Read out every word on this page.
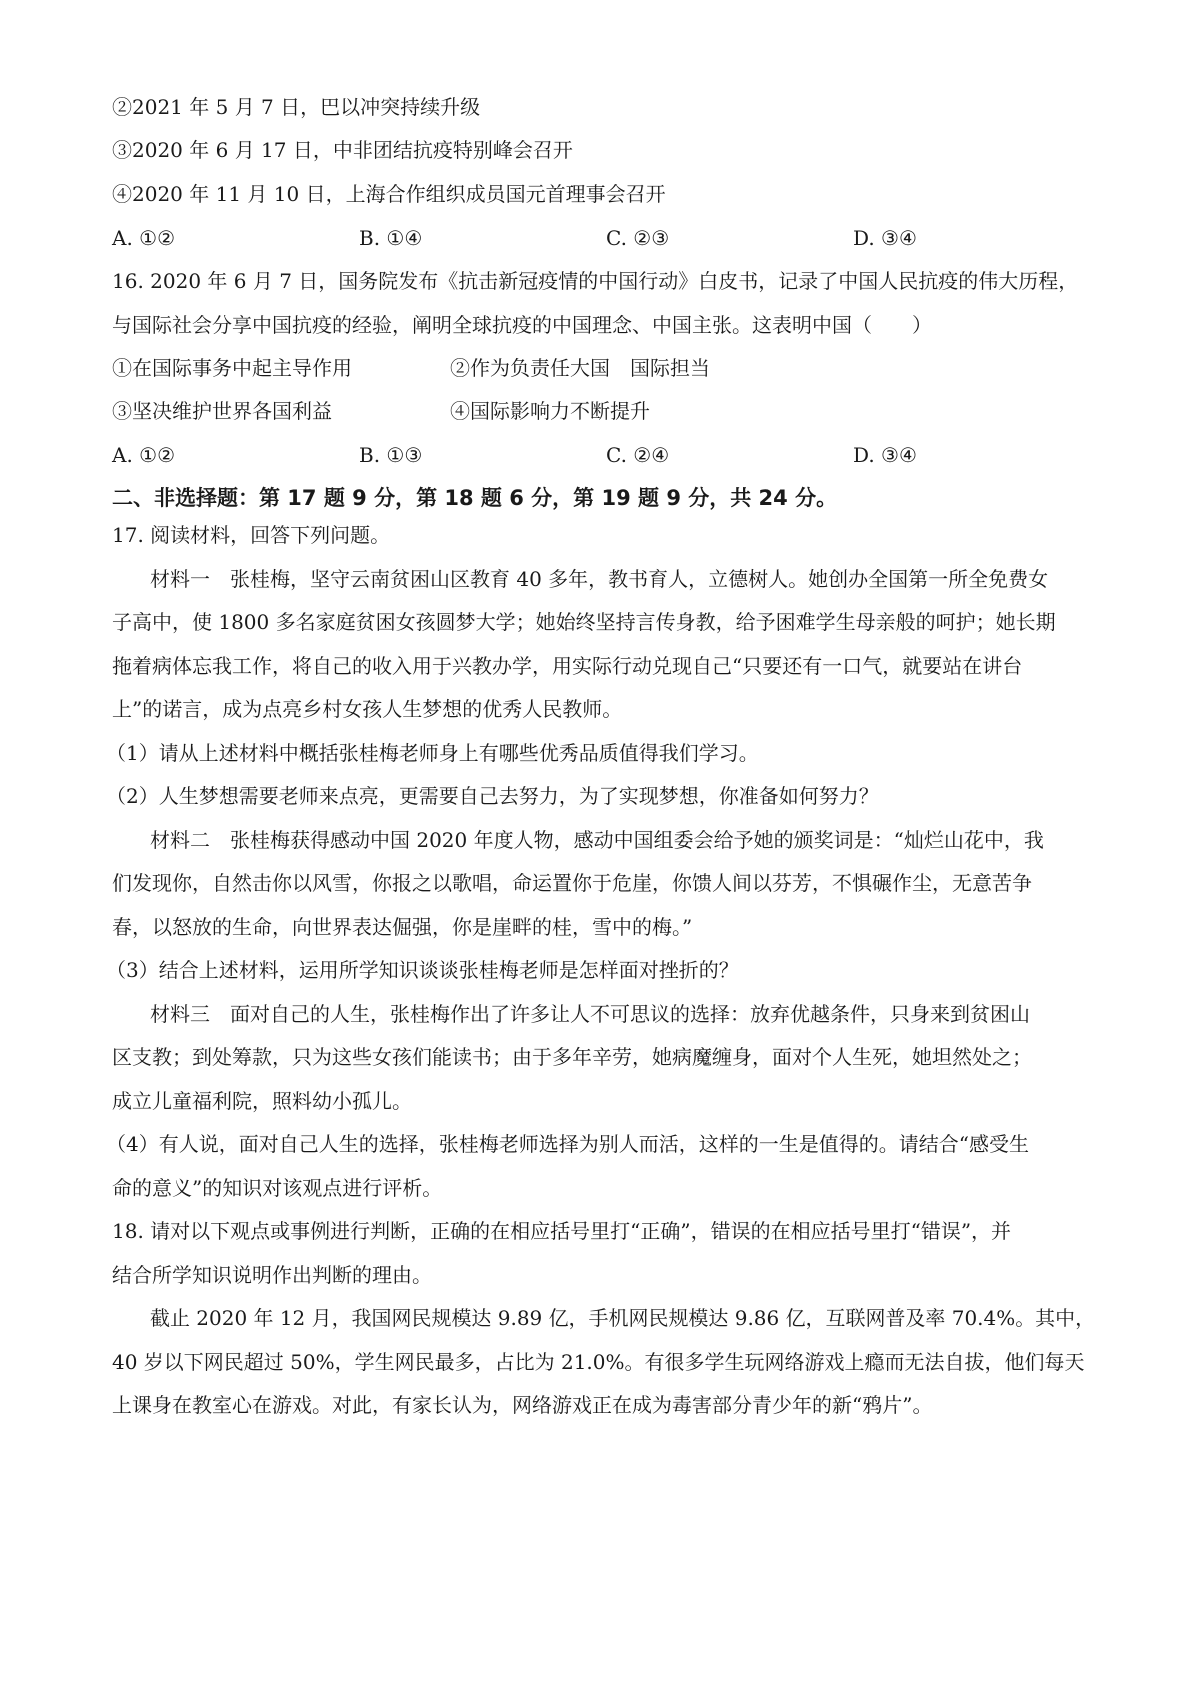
②2021 年 5 月 7 日，巴以冲突持续升级
③2020 年 6 月 17 日，中非团结抗疫特别峰会召开
④2020 年 11 月 10 日，上海合作组织成员国元首理事会召开
A. ①②	B. ①④	C. ②③	D. ③④
16. 2020 年 6 月 7 日，国务院发布《抗击新冠疫情的中国行动》白皮书，记录了中国人民抗疫的伟大历程，
与国际社会分享中国抗疫的经验，阐明全球抗疫的中国理念、中国主张。这表明中国（　　）
①在国际事务中起主导作用	②作为负责任大国　国际担当
③坚决维护世界各国利益	④国际影响力不断提升
A. ①②	B. ①③	C. ②④	D. ③④
二、非选择题：第 17 题 9 分，第 18 题 6 分，第 19 题 9 分，共 24 分。
17. 阅读材料，回答下列问题。
材料一　张桂梅，坚守云南贫困山区教育 40 多年，教书育人，立德树人。她创办全国第一所全免费女
子高中，使 1800 多名家庭贫困女孩圆梦大学；她始终坚持言传身教，给予困难学生母亲般的呵护；她长期
拖着病体忘我工作，将自己的收入用于兴教办学，用实际行动兑现自己“只要还有一口气，就要站在讲台
上”的诺言，成为点亮乡村女孩人生梦想的优秀人民教师。
（1）请从上述材料中概括张桂梅老师身上有哪些优秀品质值得我们学习。
（2）人生梦想需要老师来点亮，更需要自己去努力，为了实现梦想，你准备如何努力？
材料二　张桂梅获得感动中国 2020 年度人物，感动中国组委会给予她的颁奖词是：“灿烂山花中，我
们发现你，自然击你以风雪，你报之以歌唱，命运置你于危崖，你馈人间以芬芳，不惧碾作尘，无意苦争
春，以怒放的生命，向世界表达倔强，你是崖畔的桂，雪中的梅。”
（3）结合上述材料，运用所学知识谈谈张桂梅老师是怎样面对挫折的？
材料三　面对自己的人生，张桂梅作出了许多让人不可思议的选择：放弃优越条件，只身来到贫困山
区支教；到处筹款，只为这些女孩们能读书；由于多年辛劳，她病魔缠身，面对个人生死，她坦然处之；
成立儿童福利院，照料幼小孤儿。
（4）有人说，面对自己人生的选择，张桂梅老师选择为别人而活，这样的一生是值得的。请结合“感受生
命的意义”的知识对该观点进行评析。
18. 请对以下观点或事例进行判断，正确的在相应括号里打“正确”，错误的在相应括号里打“错误”，并
结合所学知识说明作出判断的理由。
截止 2020 年 12 月，我国网民规模达 9.89 亿，手机网民规模达 9.86 亿，互联网普及率 70.4%。其中，
40 岁以下网民超过 50%，学生网民最多，占比为 21.0%。有很多学生玩网络游戏上瘾而无法自拔，他们每天
上课身在教室心在游戏。对此，有家长认为，网络游戏正在成为毒害部分青少年的新“鸦片”。
